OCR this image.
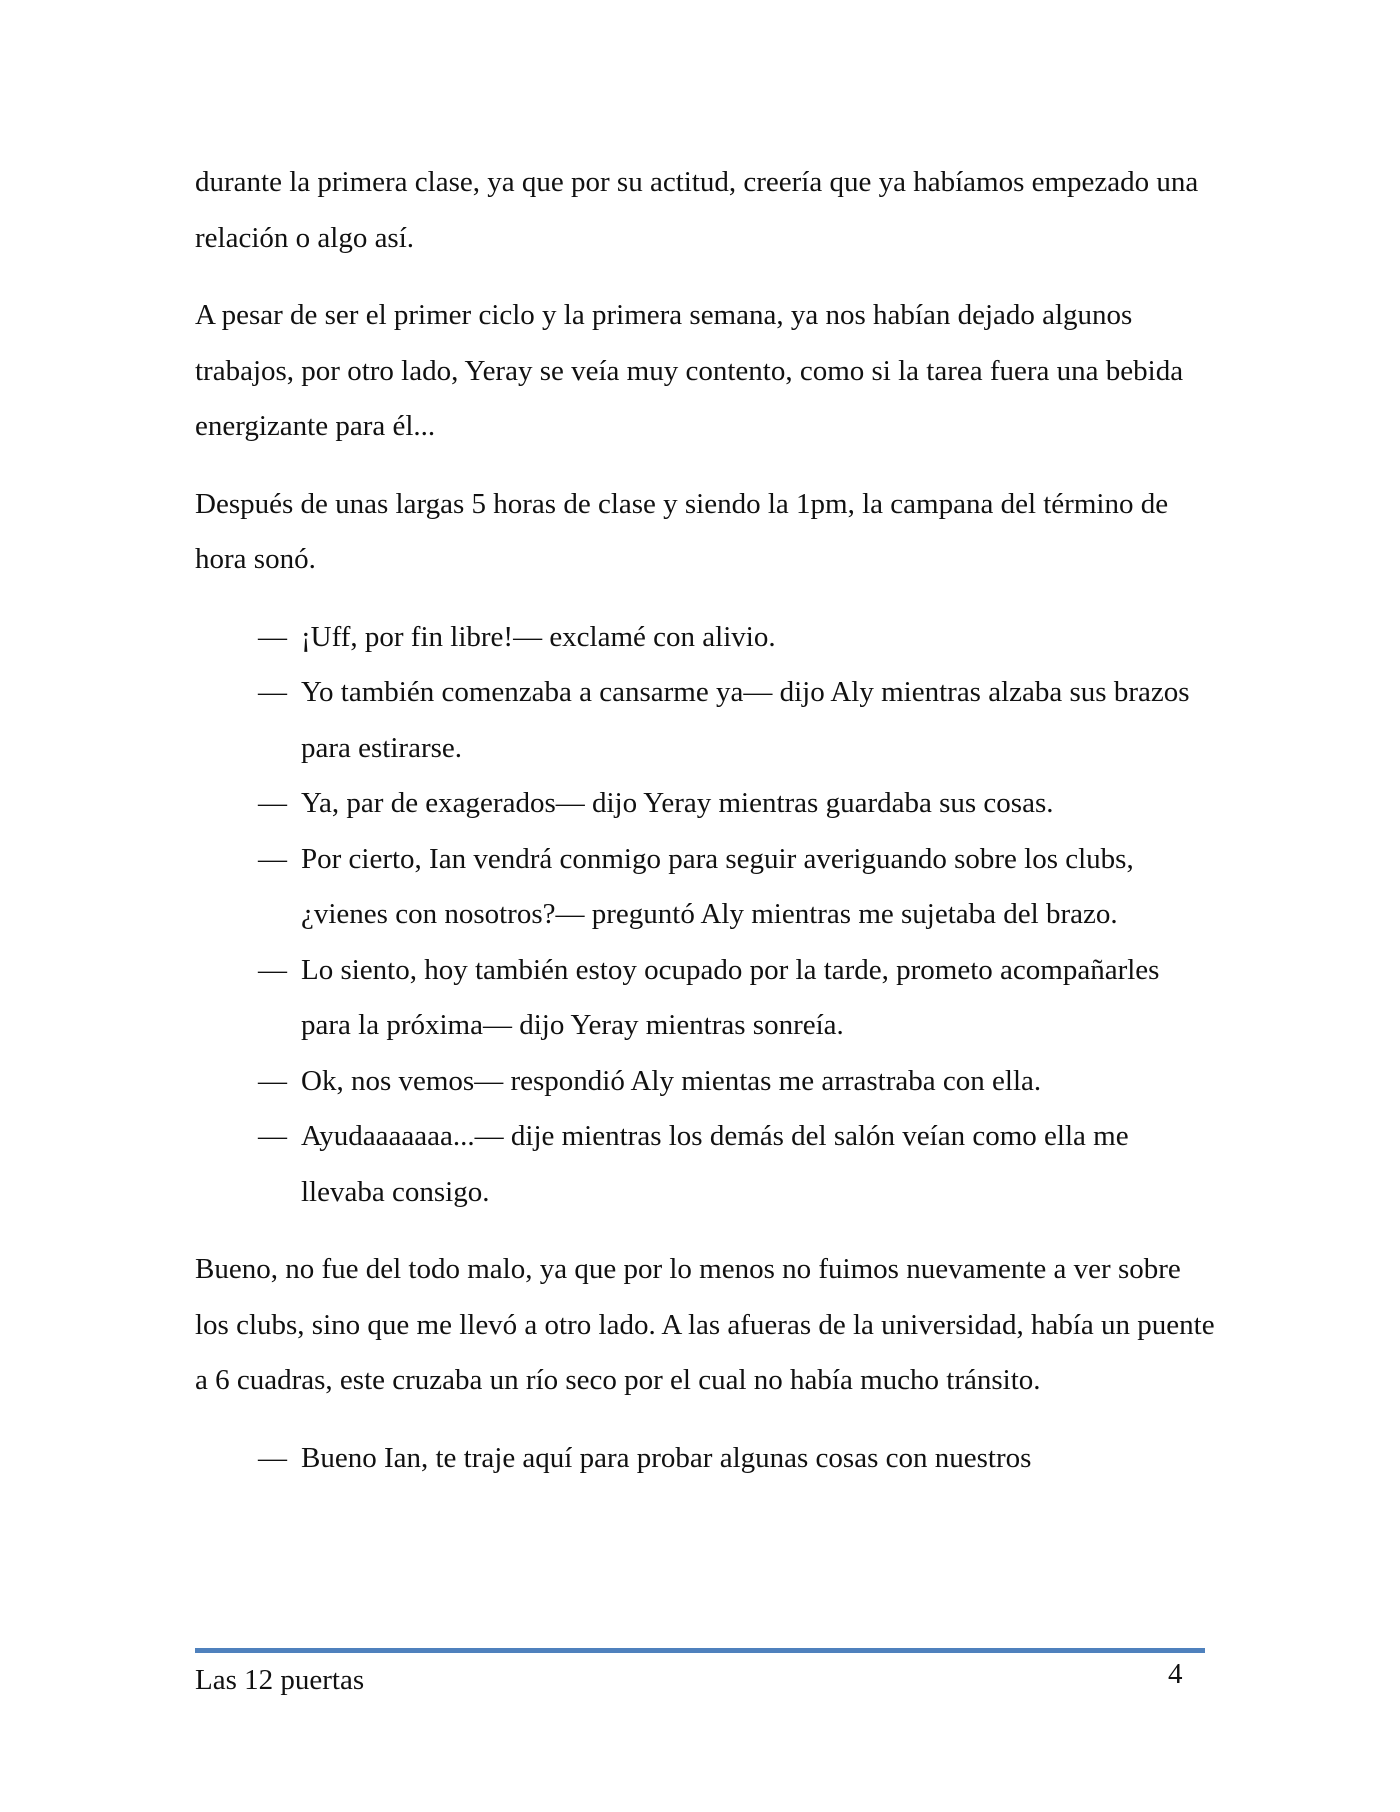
durante la primera clase, ya que por su actitud, creería que ya habíamos empezado una relación o algo así.

A pesar de ser el primer ciclo y la primera semana, ya nos habían dejado algunos trabajos, por otro lado, Yeray se veía muy contento, como si la tarea fuera una bebida energizante para él...

Después de unas largas 5 horas de clase y siendo la 1pm, la campana del término de hora sonó.

— ¡Uff, por fin libre!— exclamé con alivio.

— Yo también comenzaba a cansarme ya— dijo Aly mientras alzaba sus brazos para estirarse.

— Ya, par de exagerados— dijo Yeray mientras guardaba sus cosas.

— Por cierto, Ian vendrá conmigo para seguir averiguando sobre los clubs, ¿vienes con nosotros?— preguntó Aly mientras me sujetaba del brazo.

— Lo siento, hoy también estoy ocupado por la tarde, prometo acompañarles para la próxima— dijo Yeray mientras sonreía.

— Ok, nos vemos— respondió Aly mientas me arrastraba con ella.

— Ayudaaaaaaa...— dije mientras los demás del salón veían como ella me llevaba consigo.

Bueno, no fue del todo malo, ya que por lo menos no fuimos nuevamente a ver sobre los clubs, sino que me llevó a otro lado. A las afueras de la universidad, había un puente a 6 cuadras, este cruzaba un río seco por el cual no había mucho tránsito.

— Bueno Ian, te traje aquí para probar algunas cosas con nuestros

Las 12 puertas	4
